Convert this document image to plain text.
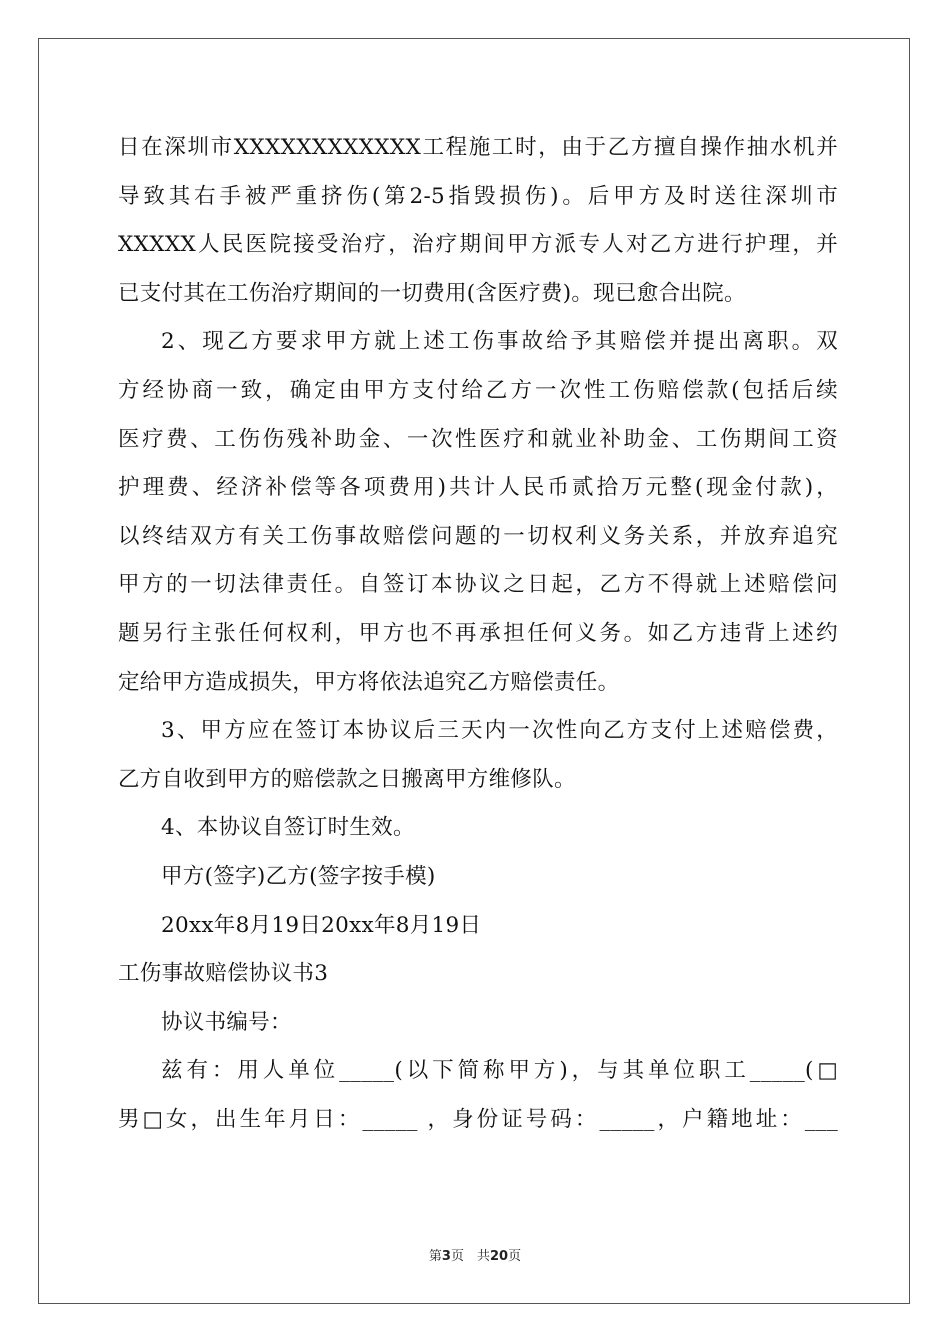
日在深圳市XXXXXXXXXXXX工程施工时，由于乙方擅自操作抽水机并
导致其右手被严重挤伤(第2-5指毁损伤)。后甲方及时送往深圳市
XXXXX人民医院接受治疗，治疗期间甲方派专人对乙方进行护理，并
已支付其在工伤治疗期间的一切费用(含医疗费)。现已愈合出院。
2、现乙方要求甲方就上述工伤事故给予其赔偿并提出离职。双
方经协商一致，确定由甲方支付给乙方一次性工伤赔偿款(包括后续
医疗费、工伤伤残补助金、一次性医疗和就业补助金、工伤期间工资
护理费、经济补偿等各项费用)共计人民币贰拾万元整(现金付款)，
以终结双方有关工伤事故赔偿问题的一切权利义务关系，并放弃追究
甲方的一切法律责任。自签订本协议之日起，乙方不得就上述赔偿问
题另行主张任何权利，甲方也不再承担任何义务。如乙方违背上述约
定给甲方造成损失，甲方将依法追究乙方赔偿责任。
3、甲方应在签订本协议后三天内一次性向乙方支付上述赔偿费，
乙方自收到甲方的赔偿款之日搬离甲方维修队。
4、本协议自签订时生效。
甲方(签字)乙方(签字按手模)
20xx年8月19日20xx年8月19日
工伤事故赔偿协议书3
协议书编号：
兹有：用人单位_____(以下简称甲方)，与其单位职工_____(□
男□女，出生年月日：_____ ，身份证号码：_____，户籍地址：___
第3页　共20页
